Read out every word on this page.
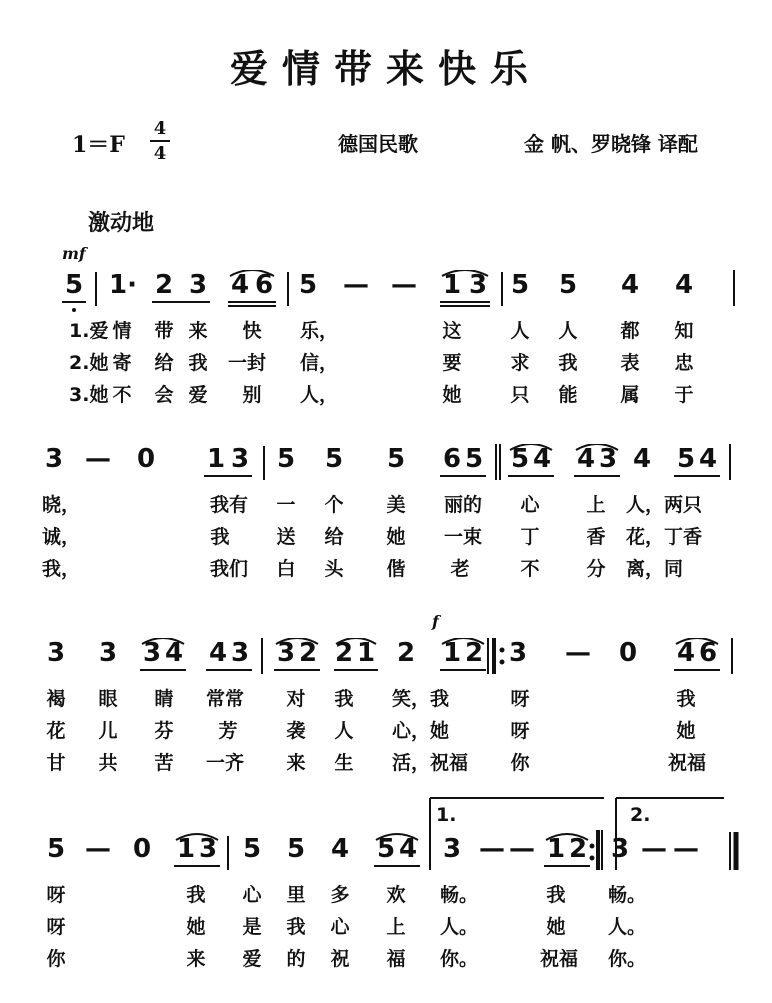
爱情带来快乐
1＝F
4
4	德国民歌	金 帆、罗晓锋 译配
激动地
mf
f
5 1· 2 3 4 6 5 — — 1 3 5 5 4 4
1.爱 情 带 来 快 乐，	这	人 人 都 知
2.她 寄 给 我 一封 信，	要	求 我 表 忠
3.她 不 会 爱 别 人，	她	只 能 属 于
3 — 0 1 3 5 5 5 6 5 5 4 4 3 4 5 4
晓，	我有 一 个 美 丽的 心 上 人，两只
诚，	我 送 给 她 一束 丁 香 花，丁香
我，	我们 白 头 偕 老	不 分 离，同
3 3 3 4 4 3 3 2 2 1 2 1 2 3 — 0 4 6
褐 眼 睛 常常 对 我 笑，我	呀	我
花 儿 芬 芳	袭 人 心，她	呀	她
甘 共 苦 一齐 来 生 活，祝福 你	祝福
5 — 0 1 3 5 5 4 5 4 3 — — 1 2 3 — —
1.	2.
呀	我 心 里 多 欢 畅。	我 畅。
呀	她 是 我 心 上 人。	她 人。
你	来 爱 的 祝 福 你。	祝福 你。
